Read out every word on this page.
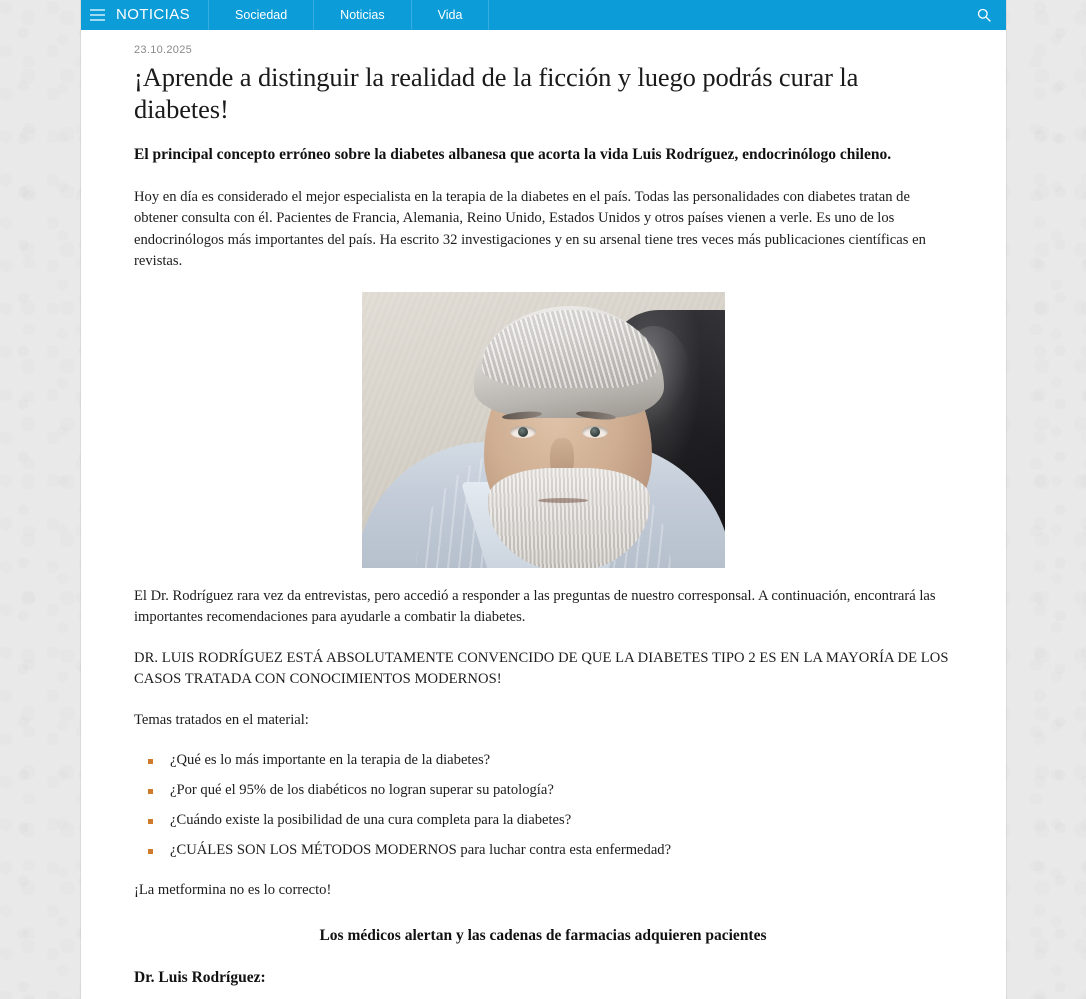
23.10.2025
¡Aprende a distinguir la realidad de la ficción y luego podrás curar la diabetes!

El principal concepto erróneo sobre la diabetes albanesa que acorta la vida Luis Rodríguez, endocrinólogo chileno.

Hoy en día es considerado el mejor especialista en la terapia de la diabetes en el país. Todas las personalidades con diabetes tratan de obtener consulta con él. Pacientes de Francia, Alemania, Reino Unido, Estados Unidos y otros países vienen a verle. Es uno de los endocrinólogos más importantes del país. Ha escrito 32 investigaciones y en su arsenal tiene tres veces más publicaciones científicas en revistas.

El Dr. Rodríguez rara vez da entrevistas, pero accedió a responder a las preguntas de nuestro corresponsal. A continuación, encontrará las importantes recomendaciones para ayudarle a combatir la diabetes.

DR. LUIS RODRÍGUEZ ESTÁ ABSOLUTAMENTE CONVENCIDO DE QUE LA DIABETES TIPO 2 ES EN LA MAYORÍA DE LOS CASOS TRATADA CON CONOCIMIENTOS MODERNOS!

Temas tratados en el material:

¿Qué es lo más importante en la terapia de la diabetes?
¿Por qué el 95% de los diabéticos no logran superar su patología?
¿Cuándo existe la posibilidad de una cura completa para la diabetes?
¿CUÁLES SON LOS MÉTODOS MODERNOS para luchar contra esta enfermedad?

¡La metformina no es lo correcto!

Los médicos alertan y las cadenas de farmacias adquieren pacientes

Dr. Luis Rodríguez:

NOTICIAS	Sociedad	Noticias	Vida
